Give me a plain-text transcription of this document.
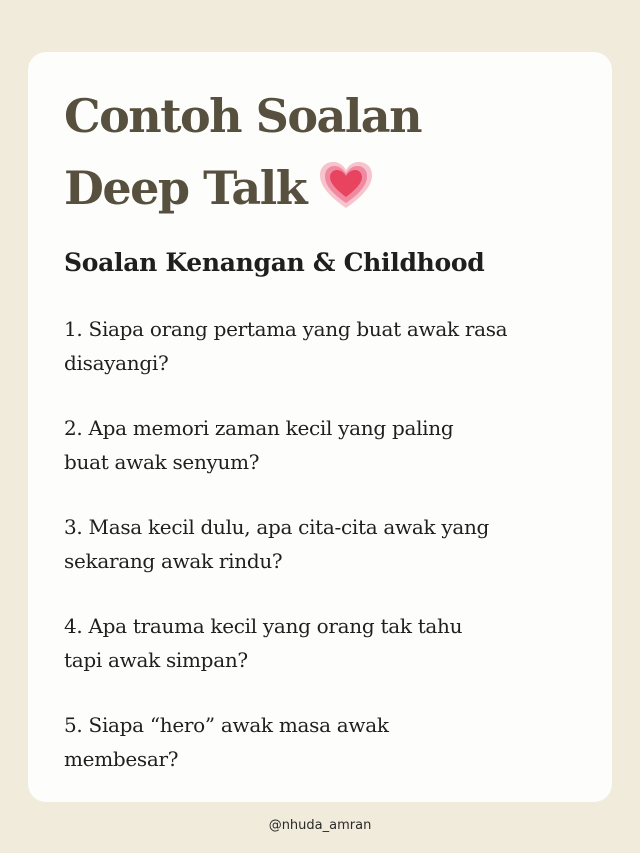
Contoh Soalan
Deep Talk
Soalan Kenangan & Childhood
1. Siapa orang pertama yang buat awak rasa
disayangi?
2. Apa memori zaman kecil yang paling
buat awak senyum?
3. Masa kecil dulu, apa cita-cita awak yang
sekarang awak rindu?
4. Apa trauma kecil yang orang tak tahu
tapi awak simpan?
5. Siapa “hero” awak masa awak
membesar?
@nhuda_amran
